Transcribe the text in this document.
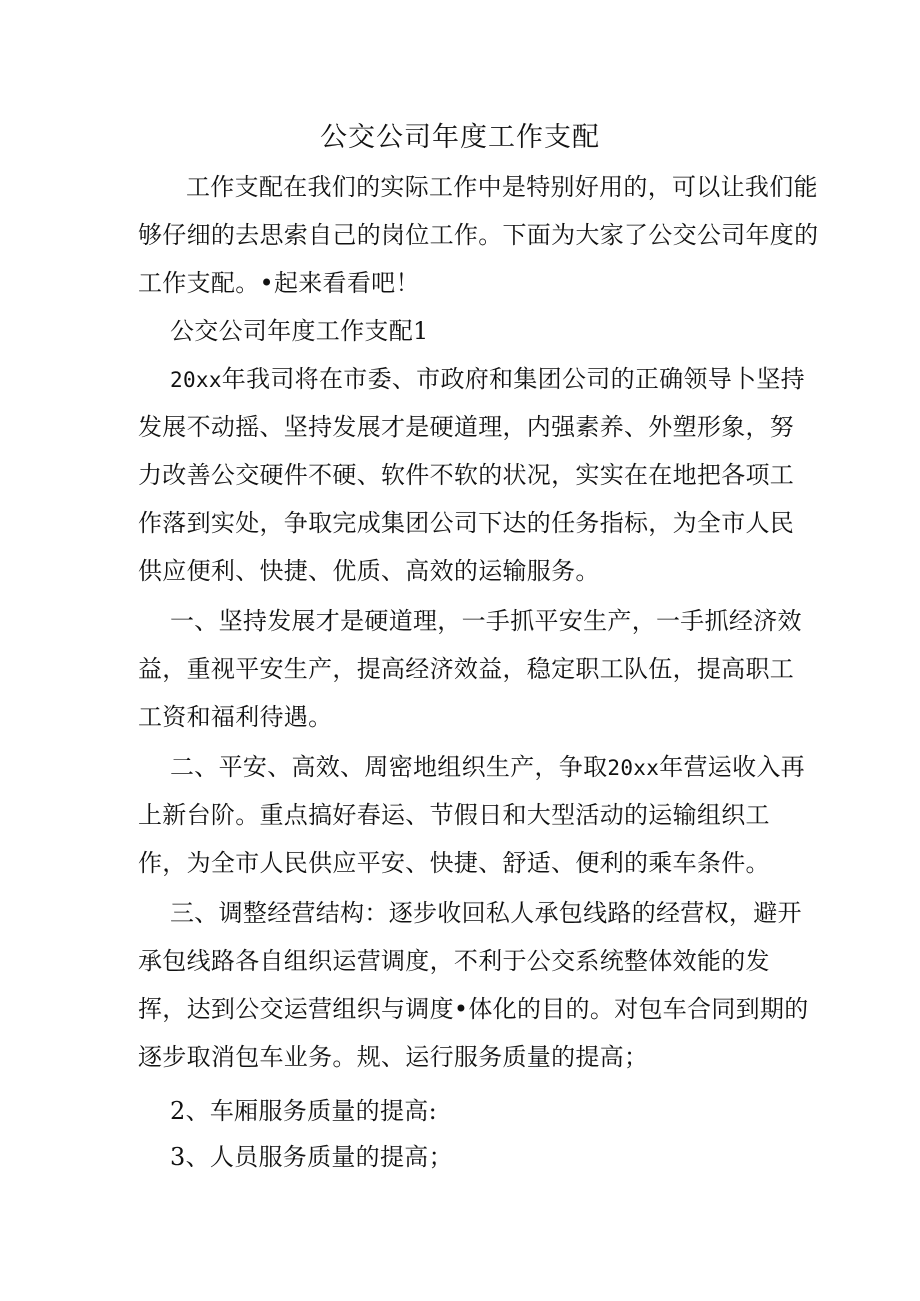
公交公司年度工作支配
工作支配在我们的实际工作中是特别好用的，可以让我们能
够仔细的去思索自己的岗位工作。下面为大家了公交公司年度的
工作支配。•起来看看吧！
公交公司年度工作支配1
20xx年我司将在市委、市政府和集团公司的正确领导卜坚持
发展不动摇、坚持发展才是硬道理，内强素养、外塑形象，努
力改善公交硬件不硬、软件不软的状况，实实在在地把各项工
作落到实处，争取完成集团公司下达的任务指标，为全市人民
供应便利、快捷、优质、高效的运输服务。
一、坚持发展才是硬道理，一手抓平安生产，一手抓经济效
益，重视平安生产，提高经济效益，稳定职工队伍，提高职工
工资和福利待遇。
二、平安、高效、周密地组织生产，争取20xx年营运收入再
上新台阶。重点搞好春运、节假日和大型活动的运输组织工
作，为全市人民供应平安、快捷、舒适、便利的乘车条件。
三、调整经营结构：逐步收回私人承包线路的经营权，避开
承包线路各自组织运营调度，不利于公交系统整体效能的发
挥，达到公交运营组织与调度•体化的目的。对包车合同到期的
逐步取消包车业务。规、运行服务质量的提高；
2、车厢服务质量的提高:
3、人员服务质量的提高；
